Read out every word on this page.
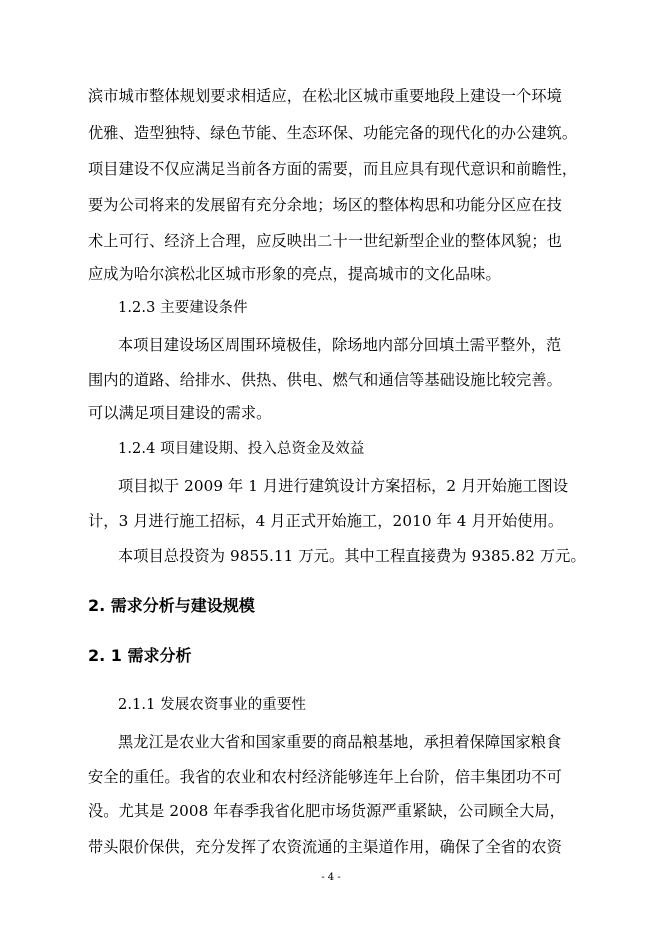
滨市城市整体规划要求相适应，在松北区城市重要地段上建设一个环境
优雅、造型独特、绿色节能、生态环保、功能完备的现代化的办公建筑。
项目建设不仅应满足当前各方面的需要，而且应具有现代意识和前瞻性，
要为公司将来的发展留有充分余地；场区的整体构思和功能分区应在技
术上可行、经济上合理，应反映出二十一世纪新型企业的整体风貌；也
应成为哈尔滨松北区城市形象的亮点，提高城市的文化品味。
1.2.3 主要建设条件
本项目建设场区周围环境极佳，除场地内部分回填土需平整外，范
围内的道路、给排水、供热、供电、燃气和通信等基础设施比较完善。
可以满足项目建设的需求。
1.2.4 项目建设期、投入总资金及效益
项目拟于 2009 年 1 月进行建筑设计方案招标，2 月开始施工图设
计，3 月进行施工招标，4 月正式开始施工，2010 年 4 月开始使用。
本项目总投资为 9855.11 万元。其中工程直接费为 9385.82 万元。
2. 需求分析与建设规模
2. 1 需求分析
2.1.1 发展农资事业的重要性
黑龙江是农业大省和国家重要的商品粮基地，承担着保障国家粮食
安全的重任。我省的农业和农村经济能够连年上台阶，倍丰集团功不可
没。尤其是 2008 年春季我省化肥市场货源严重紧缺，公司顾全大局，
带头限价保供，充分发挥了农资流通的主渠道作用，确保了全省的农资
- 4 -
